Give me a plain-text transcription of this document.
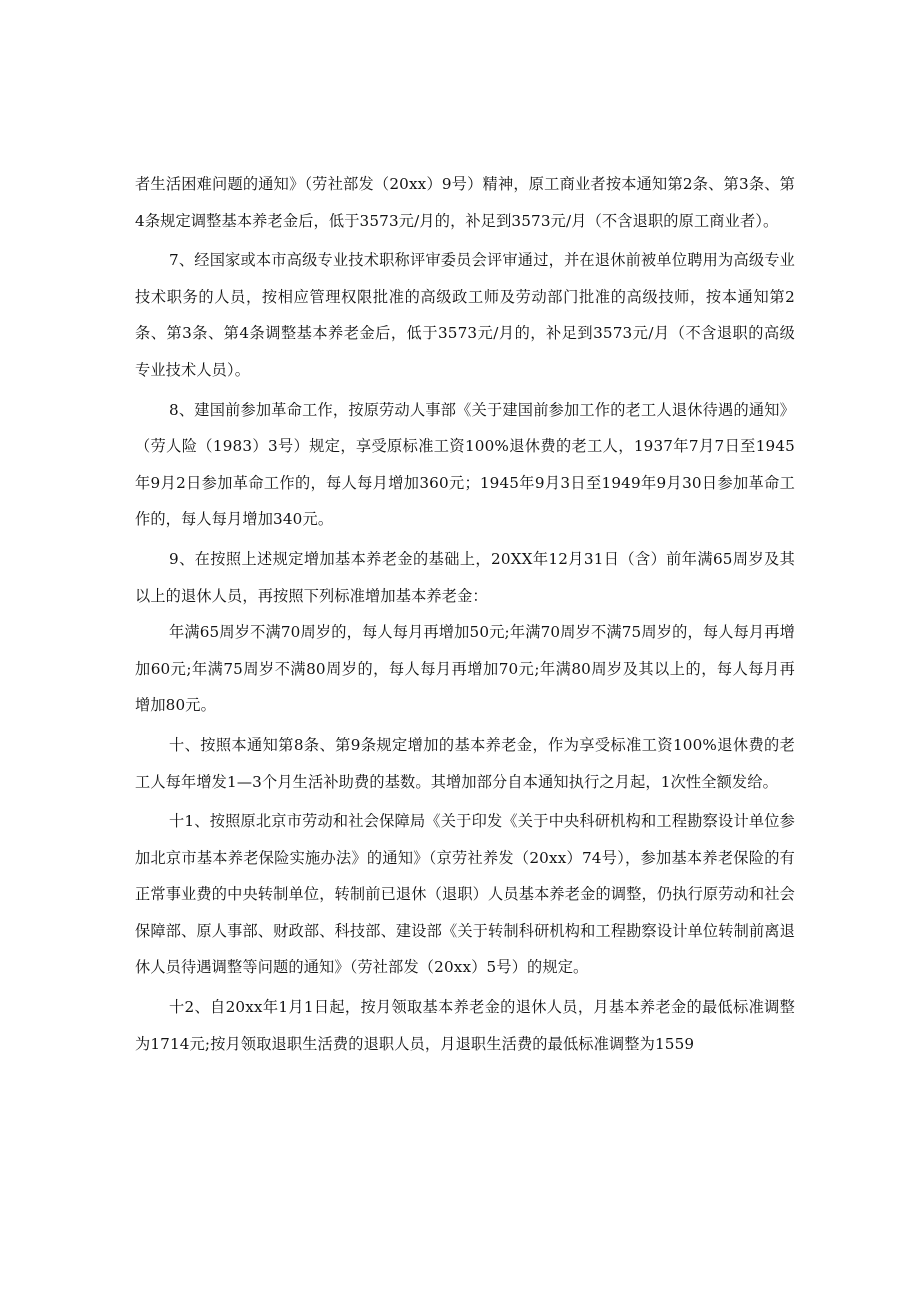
者生活困难问题的通知》（劳社部发（20xx）9号）精神，原工商业者按本通知第2条、第3条、第4条规定调整基本养老金后，低于3573元/月的，补足到3573元/月（不含退职的原工商业者）。

7、经国家或本市高级专业技术职称评审委员会评审通过，并在退休前被单位聘用为高级专业技术职务的人员，按相应管理权限批准的高级政工师及劳动部门批准的高级技师，按本通知第2条、第3条、第4条调整基本养老金后，低于3573元/月的，补足到3573元/月（不含退职的高级专业技术人员）。

8、建国前参加革命工作，按原劳动人事部《关于建国前参加工作的老工人退休待遇的通知》（劳人险（1983）3号）规定，享受原标准工资100%退休费的老工人，1937年7月7日至1945年9月2日参加革命工作的，每人每月增加360元；1945年9月3日至1949年9月30日参加革命工作的，每人每月增加340元。

9、在按照上述规定增加基本养老金的基础上，20XX年12月31日（含）前年满65周岁及其以上的退休人员，再按照下列标准增加基本养老金：

年满65周岁不满70周岁的，每人每月再增加50元;年满70周岁不满75周岁的，每人每月再增加60元;年满75周岁不满80周岁的，每人每月再增加70元;年满80周岁及其以上的，每人每月再增加80元。

十、按照本通知第8条、第9条规定增加的基本养老金，作为享受标准工资100%退休费的老工人每年增发1—3个月生活补助费的基数。其增加部分自本通知执行之月起，1次性全额发给。

十1、按照原北京市劳动和社会保障局《关于印发《关于中央科研机构和工程勘察设计单位参加北京市基本养老保险实施办法》的通知》（京劳社养发（20xx）74号），参加基本养老保险的有正常事业费的中央转制单位，转制前已退休（退职）人员基本养老金的调整，仍执行原劳动和社会保障部、原人事部、财政部、科技部、建设部《关于转制科研机构和工程勘察设计单位转制前离退休人员待遇调整等问题的通知》（劳社部发（20xx）5号）的规定。

十2、自20xx年1月1日起，按月领取基本养老金的退休人员，月基本养老金的最低标准调整为1714元;按月领取退职生活费的退职人员，月退职生活费的最低标准调整为1559
